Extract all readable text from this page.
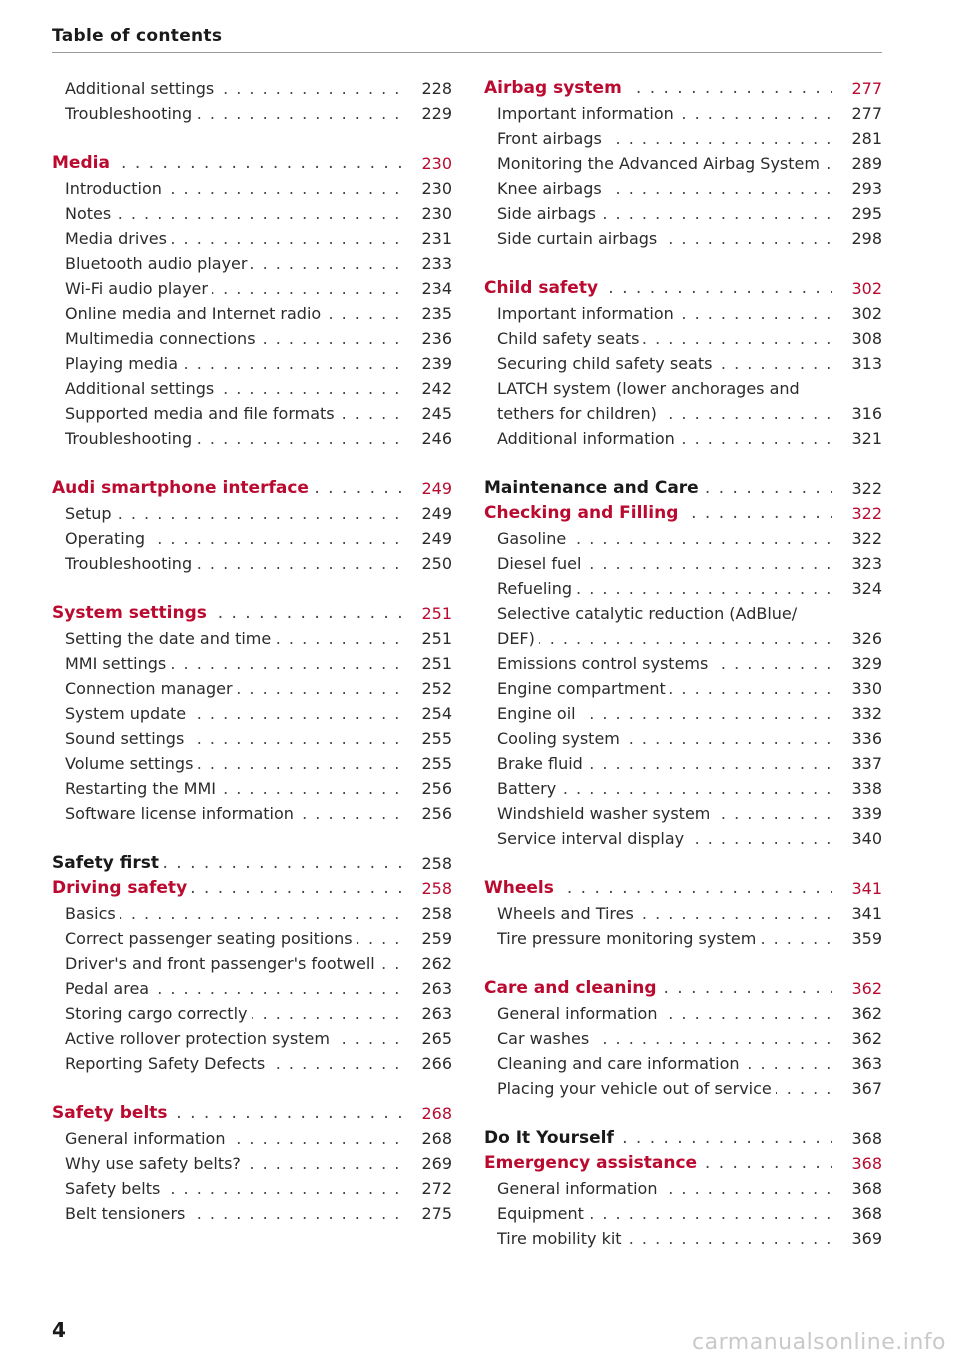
Table of contents
Additional settings . . .	228
Troubleshooting . . .	229
Media . . .	230
Introduction . . .	230
Notes . . .	230
Media drives . . .	231
Bluetooth audio player . . .	233
Wi-Fi audio player . . .	234
Online media and Internet radio . . .	235
Multimedia connections . . .	236
Playing media . . .	239
Additional settings . . .	242
Supported media and file formats . . .	245
Troubleshooting . . .	246
Audi smartphone interface . . .	249
Setup . . .	249
Operating . . .	249
Troubleshooting . . .	250
System settings . . .	251
Setting the date and time . . .	251
MMI settings . . .	251
Connection manager . . .	252
System update . . .	254
Sound settings . . .	255
Volume settings . . .	255
Restarting the MMI . . .	256
Software license information . . .	256
Safety first . . .	258
Driving safety . . .	258
Basics . . .	258
Correct passenger seating positions . . .	259
Driver's and front passenger's footwell . . .	262
Pedal area . . .	263
Storing cargo correctly . . .	263
Active rollover protection system . . .	265
Reporting Safety Defects . . .	266
Safety belts . . .	268
General information . . .	268
Why use safety belts? . . .	269
Safety belts . . .	272
Belt tensioners . . .	275
Airbag system . . .	277
Important information . . .	277
Front airbags . . .	281
Monitoring the Advanced Airbag System . . .	289
Knee airbags . . .	293
Side airbags . . .	295
Side curtain airbags . . .	298
Child safety . . .	302
Important information . . .	302
Child safety seats . . .	308
Securing child safety seats . . .	313
LATCH system (lower anchorages and
tethers for children) . . .	316
Additional information . . .	321
Maintenance and Care . . .	322
Checking and Filling . . .	322
Gasoline . . .	322
Diesel fuel . . .	323
Refueling . . .	324
Selective catalytic reduction (AdBlue/
DEF) . . .	326
Emissions control systems . . .	329
Engine compartment . . .	330
Engine oil . . .	332
Cooling system . . .	336
Brake fluid . . .	337
Battery . . .	338
Windshield washer system . . .	339
Service interval display . . .	340
Wheels . . .	341
Wheels and Tires . . .	341
Tire pressure monitoring system . . .	359
Care and cleaning . . .	362
General information . . .	362
Car washes . . .	362
Cleaning and care information . . .	363
Placing your vehicle out of service . . .	367
Do It Yourself . . .	368
Emergency assistance . . .	368
General information . . .	368
Equipment . . .	368
Tire mobility kit . . .	369
4	carmanualsonline.info
